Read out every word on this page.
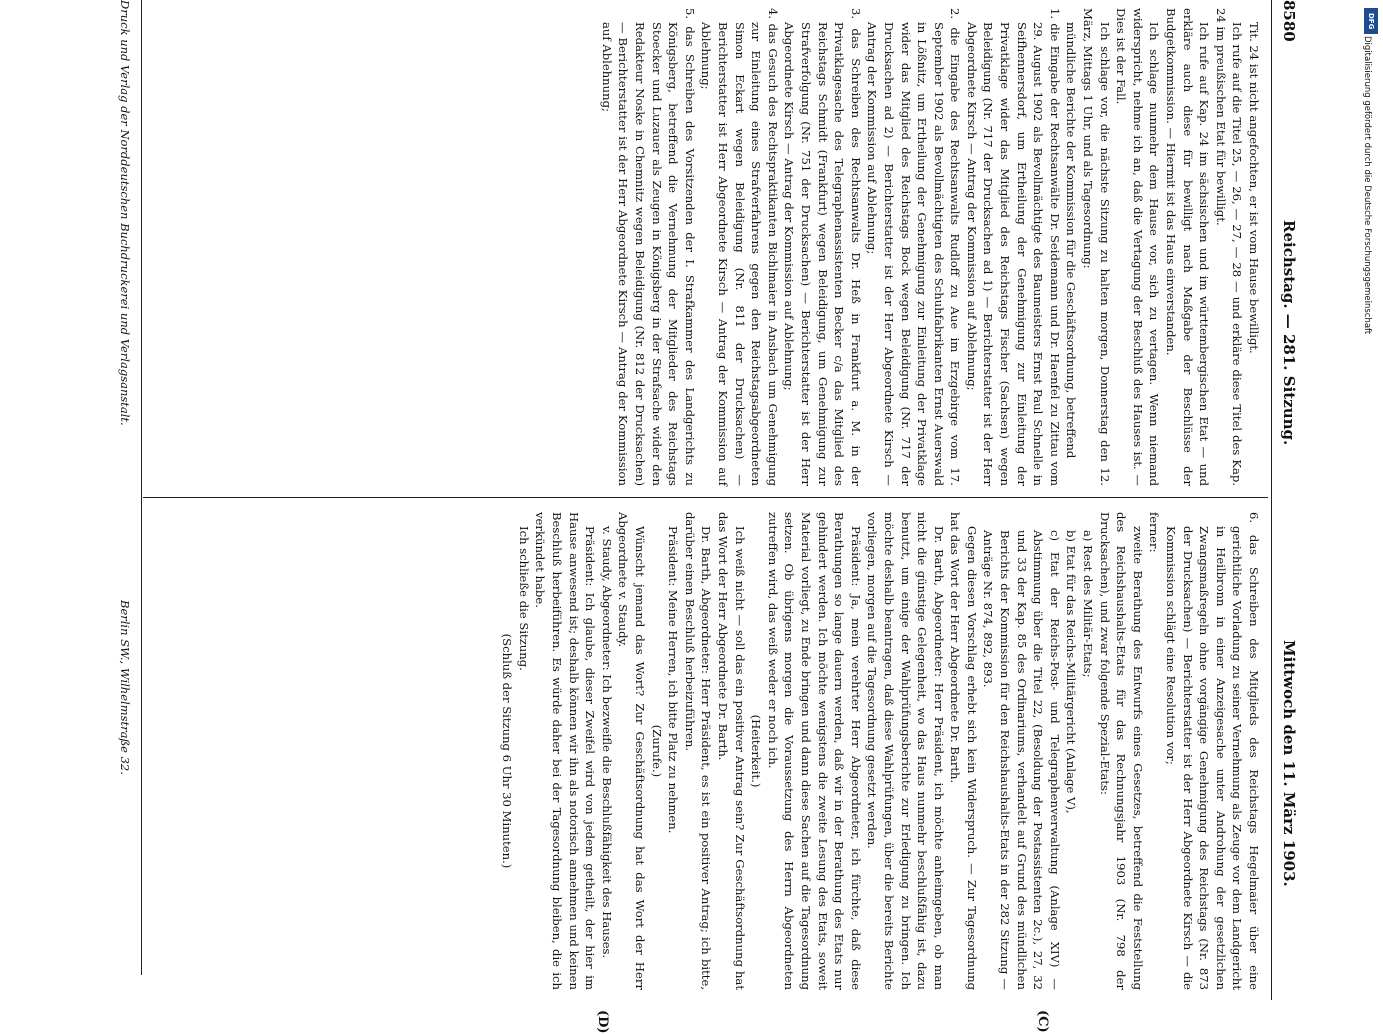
8580
Reichstag. — 281. Sitzung.
Mittwoch den 11. März 1903.
(C)
(D)

Tit. 24 ist nicht angefochten, er ist vom Hause bewilligt.

Ich rufe auf die Titel 25, — 26, — 27, — 28 — und erkläre diese Titel des Kap. 24 im preußischen Etat für bewilligt.

Ich rufe auf Kap. 24 im sächsischen und im württembergischen Etat — und erkläre auch diese für bewilligt nach Maßgabe der Beschlüsse der Budgetkommission. — Hiermit ist das Haus einverstanden.

Ich schlage nunmehr dem Hause vor, sich zu vertagen. Wenn niemand widerspricht, nehme ich an, daß die Vertagung der Beschluß des Hauses ist. — Dies ist der Fall.

Ich schlage vor, die nächste Sitzung zu halten morgen, Donnerstag den 12. März, Mittags 1 Uhr, und als Tagesordnung:

mündliche Berichte der Kommission für die Geschäftsordnung, betreffend

1. die Eingabe der Rechtsanwälte Dr. Seidemann und Dr. Haenfel zu Zittau vom 29. August 1902 als Bevollmächtigte des Baumeisters Ernst Paul Schnelle in Seifhennersdorf, um Ertheilung der Genehmigung zur Einleitung der Privatklage wider das Mitglied des Reichstags Fischer (Sachsen) wegen Beleidigung (Nr. 717 der Drucksachen ad 1) — Berichterstatter ist der Herr Abgeordnete Kirsch — Antrag der Kommission auf Ablehnung;

2. die Eingabe des Rechtsanwalts Rudloff zu Aue im Erzgebirge vom 17. September 1902 als Bevollmächtigten des Schuhfabrikanten Ernst Auerswald in Lößnitz, um Ertheilung der Genehmigung zur Einleitung der Privatklage wider das Mitglied des Reichstags Bock wegen Beleidigung (Nr. 717 der Drucksachen ad 2) — Berichterstatter ist der Herr Abgeordnete Kirsch — Antrag der Kommission auf Ablehnung;

3. das Schreiben des Rechtsanwalts Dr. Heß in Frankfurt a. M. in der Privatklagesache des Telegraphenassistenten Becker c/a das Mitglied des Reichstags Schmidt (Frankfurt) wegen Beleidigung, um Genehmigung zur Strafverfolgung (Nr. 751 der Drucksachen) — Berichterstatter ist der Herr Abgeordnete Kirsch — Antrag der Kommission auf Ablehnung;

4. das Gesuch des Rechtspraktikanten Bichlmaier in Ansbach um Genehmigung zur Einleitung eines Strafverfahrens gegen den Reichstagsabgeordneten Simon Eckart wegen Beleidigung (Nr. 811 der Drucksachen) — Berichterstatter ist Herr Abgeordnete Kirsch — Antrag der Kommission auf Ablehnung;

5. das Schreiben des Vorsitzenden der I. Strafkammer des Landgerichts zu Königsberg, betreffend die Vernehmung der Mitglieder des Reichstags Stoecker und Luzauer als Zeugen in Königsberg in der Strafsache wider den Redakteur Noske in Chemnitz wegen Beleidigung (Nr. 812 der Drucksachen) — Berichterstatter ist der Herr Abgeordnete Kirsch — Antrag der Kommission auf Ablehnung;

6. das Schreiben des Mitglieds des Reichstags Hegelmaier über eine gerichtliche Vorladung zu seiner Vernehmung als Zeuge vor dem Landgericht in Heilbronn in einer Anzeigesache unter Androhung der gesetzlichen Zwangsmaßregeln ohne vorgängige Genehmigung des Reichstags (Nr. 873 der Drucksachen) — Berichterstatter ist der Herr Abgeordnete Kirsch — die Kommission schlägt eine Resolution vor;

ferner:

zweite Berathung des Entwurfs eines Gesetzes, betreffend die Feststellung des Reichshaushalts-Etats für das Rechnungsjahr 1903 (Nr. 798 der Drucksachen), und zwar folgende Spezial-Etats:

a) Rest des Militär-Etats;

b) Etat für das Reichs-Militärgericht (Anlage V),

c) Etat der Reichs-Post- und Telegraphenverwaltung (Anlage XIV) — Abstimmung über die Titel 22, (Besoldung der Postassistenten 2c.), 27, 32 und 33 der Kap. 85 des Ordinariums, verhandelt auf Grund des mündlichen Berichts der Kommission für den Reichshaushalts-Etats in der 282 Sitzung — Anträge Nr. 874, 892, 893.

Gegen diesen Vorschlag erhebt sich kein Widerspruch. — Zur Tagesordnung hat das Wort der Herr Abgeordnete Dr. Barth.

Dr. Barth, Abgeordneter: Herr Präsident, ich möchte anheimgeben, ob man nicht die günstige Gelegenheit, wo das Haus nunmehr beschlußfähig ist, dazu benutzt, um einige der Wahlprüfungsberichte zur Erledigung zu bringen. Ich möchte deshalb beantragen, daß diese Wahlprüfungen, über die bereits Berichte vorliegen, morgen auf die Tagesordnung gesetzt werden.

Präsident: Ja, mein verehrter Herr Abgeordneter, ich fürchte, daß diese Berathungen so lange dauern werden, daß wir in der Berathung des Etats nur gehindert werden. Ich möchte wenigstens die zweite Lesung des Etats, soweit Material vorliegt, zu Ende bringen und dann diese Sachen auf die Tagesordnung setzen. Ob übrigens morgen die Voraussetzung des Herrn Abgeordneten zutreffen wird, das weiß weder er noch ich.

(Heiterkeit.)

Ich weiß nicht — soll das ein positiver Antrag sein? Zur Geschäftsordnung hat das Wort der Herr Abgeordnete Dr. Barth.

Dr. Barth, Abgeordneter: Herr Präsident, es ist ein positiver Antrag; ich bitte, darüber einen Beschluß herbeizuführen.

Präsident: Meine Herren, ich bitte Platz zu nehmen.

(Zurufe.)

Wünscht jemand das Wort? Zur Geschäftsordnung hat das Wort der Herr Abgeordnete v. Staudy.

v. Staudy, Abgeordneter: Ich bezweifle die Beschlußfähigkeit des Hauses.

Präsident: Ich glaube, dieser Zweifel wird von jedem getheilt, der hier im Hause anwesend ist; deshalb können wir ihn als notorisch annehmen und keinen Beschluß herbeiführen. Es würde daher bei der Tagesordnung bleiben, die ich verkündet habe.

Ich schließe die Sitzung.

(Schluß der Sitzung 6 Uhr 30 Minuten.)

Druck und Verlag der Norddeutschen Buchdruckerei und Verlagsanstalt.
Berlin SW., Wilhelmstraße 32.
DFG
Digitalisierung gefördert durch die Deutsche Forschungsgemeinschaft
